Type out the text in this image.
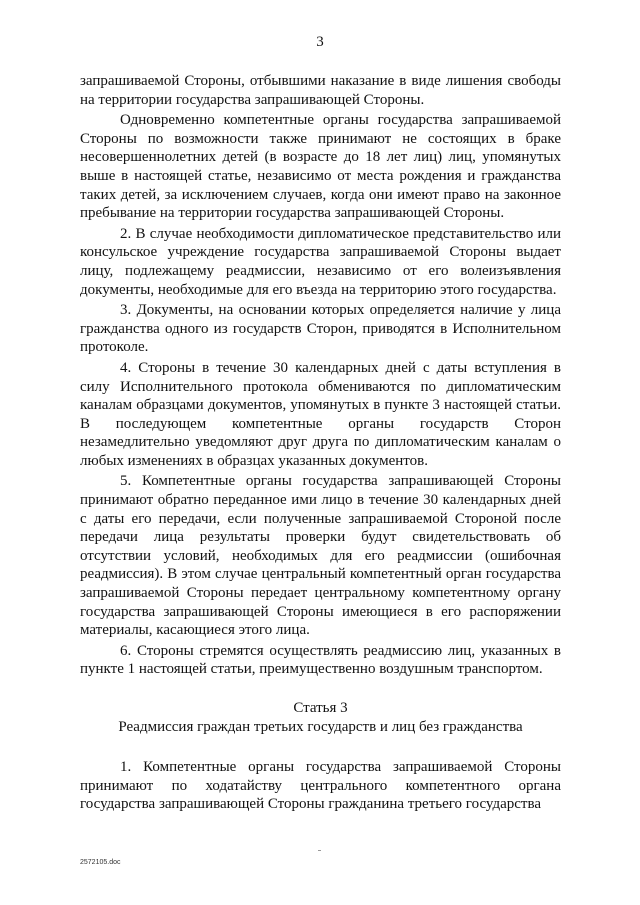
3

запрашиваемой Стороны, отбывшими наказание в виде лишения свободы на территории государства запрашивающей Стороны.

Одновременно компетентные органы государства запрашиваемой Стороны по возможности также принимают не состоящих в браке несовершеннолетних детей (в возрасте до 18 лет лиц) лиц, упомянутых выше в настоящей статье, независимо от места рождения и гражданства таких детей, за исключением случаев, когда они имеют право на законное пребывание на территории государства запрашивающей Стороны.

2. В случае необходимости дипломатическое представительство или консульское учреждение государства запрашиваемой Стороны выдает лицу, подлежащему реадмиссии, независимо от его волеизъявления документы, необходимые для его въезда на территорию этого государства.

3. Документы, на основании которых определяется наличие у лица гражданства одного из государств Сторон, приводятся в Исполнительном протоколе.

4. Стороны в течение 30 календарных дней с даты вступления в силу Исполнительного протокола обмениваются по дипломатическим каналам образцами документов, упомянутых в пункте 3 настоящей статьи. В последующем компетентные органы государств Сторон незамедлительно уведомляют друг друга по дипломатическим каналам о любых изменениях в образцах указанных документов.

5. Компетентные органы государства запрашивающей Стороны принимают обратно переданное ими лицо в течение 30 календарных дней с даты его передачи, если полученные запрашиваемой Стороной после передачи лица результаты проверки будут свидетельствовать об отсутствии условий, необходимых для его реадмиссии (ошибочная реадмиссия). В этом случае центральный компетентный орган государства запрашиваемой Стороны передает центральному компетентному органу государства запрашивающей Стороны имеющиеся в его распоряжении материалы, касающиеся этого лица.

6. Стороны стремятся осуществлять реадмиссию лиц, указанных в пункте 1 настоящей статьи, преимущественно воздушным транспортом.

Статья 3

Реадмиссия граждан третьих государств и лиц без гражданства

1. Компетентные органы государства запрашиваемой Стороны принимают по ходатайству центрального компетентного органа государства запрашивающей Стороны гражданина третьего государства

2572105.doc
